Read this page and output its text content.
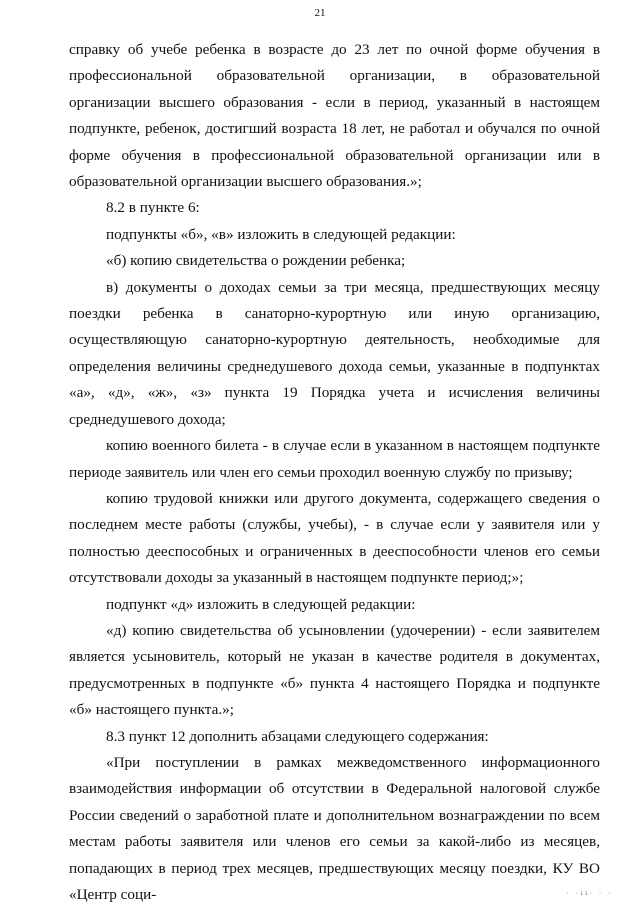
21

справку об учебе ребенка в возрасте до 23 лет по очной форме обучения в профессиональной образовательной организации, в образовательной организации высшего образования - если в период, указанный в настоящем подпункте, ребенок, достигший возраста 18 лет, не работал и обучался по очной форме обучения в профессиональной образовательной организации или в образовательной организации высшего образования.»;

8.2 в пункте 6:

подпункты «б», «в» изложить в следующей редакции:

«б) копию свидетельства о рождении ребенка;

в) документы о доходах семьи за три месяца, предшествующих месяцу поездки ребенка в санаторно-курортную или иную организацию, осуществляющую санаторно-курортную деятельность, необходимые для определения величины среднедушевого дохода семьи, указанные в подпунктах «а», «д», «ж», «з» пункта 19 Порядка учета и исчисления величины среднедушевого дохода;

копию военного билета - в случае если в указанном в настоящем подпункте периоде заявитель или член его семьи проходил военную службу по призыву;

копию трудовой книжки или другого документа, содержащего сведения о последнем месте работы (службы, учебы), - в случае если у заявителя или у полностью дееспособных и ограниченных в дееспособности членов его семьи отсутствовали доходы за указанный в настоящем подпункте период;»;

подпункт «д» изложить в следующей редакции:

«д) копию свидетельства об усыновлении (удочерении) - если заявителем является усыновитель, который не указан в качестве родителя в документах, предусмотренных в подпункте «б» пункта 4 настоящего Порядка и подпункте «б» настоящего пункта.»;

8.3 пункт 12 дополнить абзацами следующего содержания:

«При поступлении в рамках межведомственного информационного взаимодействия информации об отсутствии в Федеральной налоговой службе России сведений о заработной плате и дополнительном вознаграждении по всем местам работы заявителя или членов его семьи за какой-либо из месяцев, попадающих в период трех месяцев, предшествующих месяцу поездки, КУ ВО «Центр соци-	· ·ıı· · ·
